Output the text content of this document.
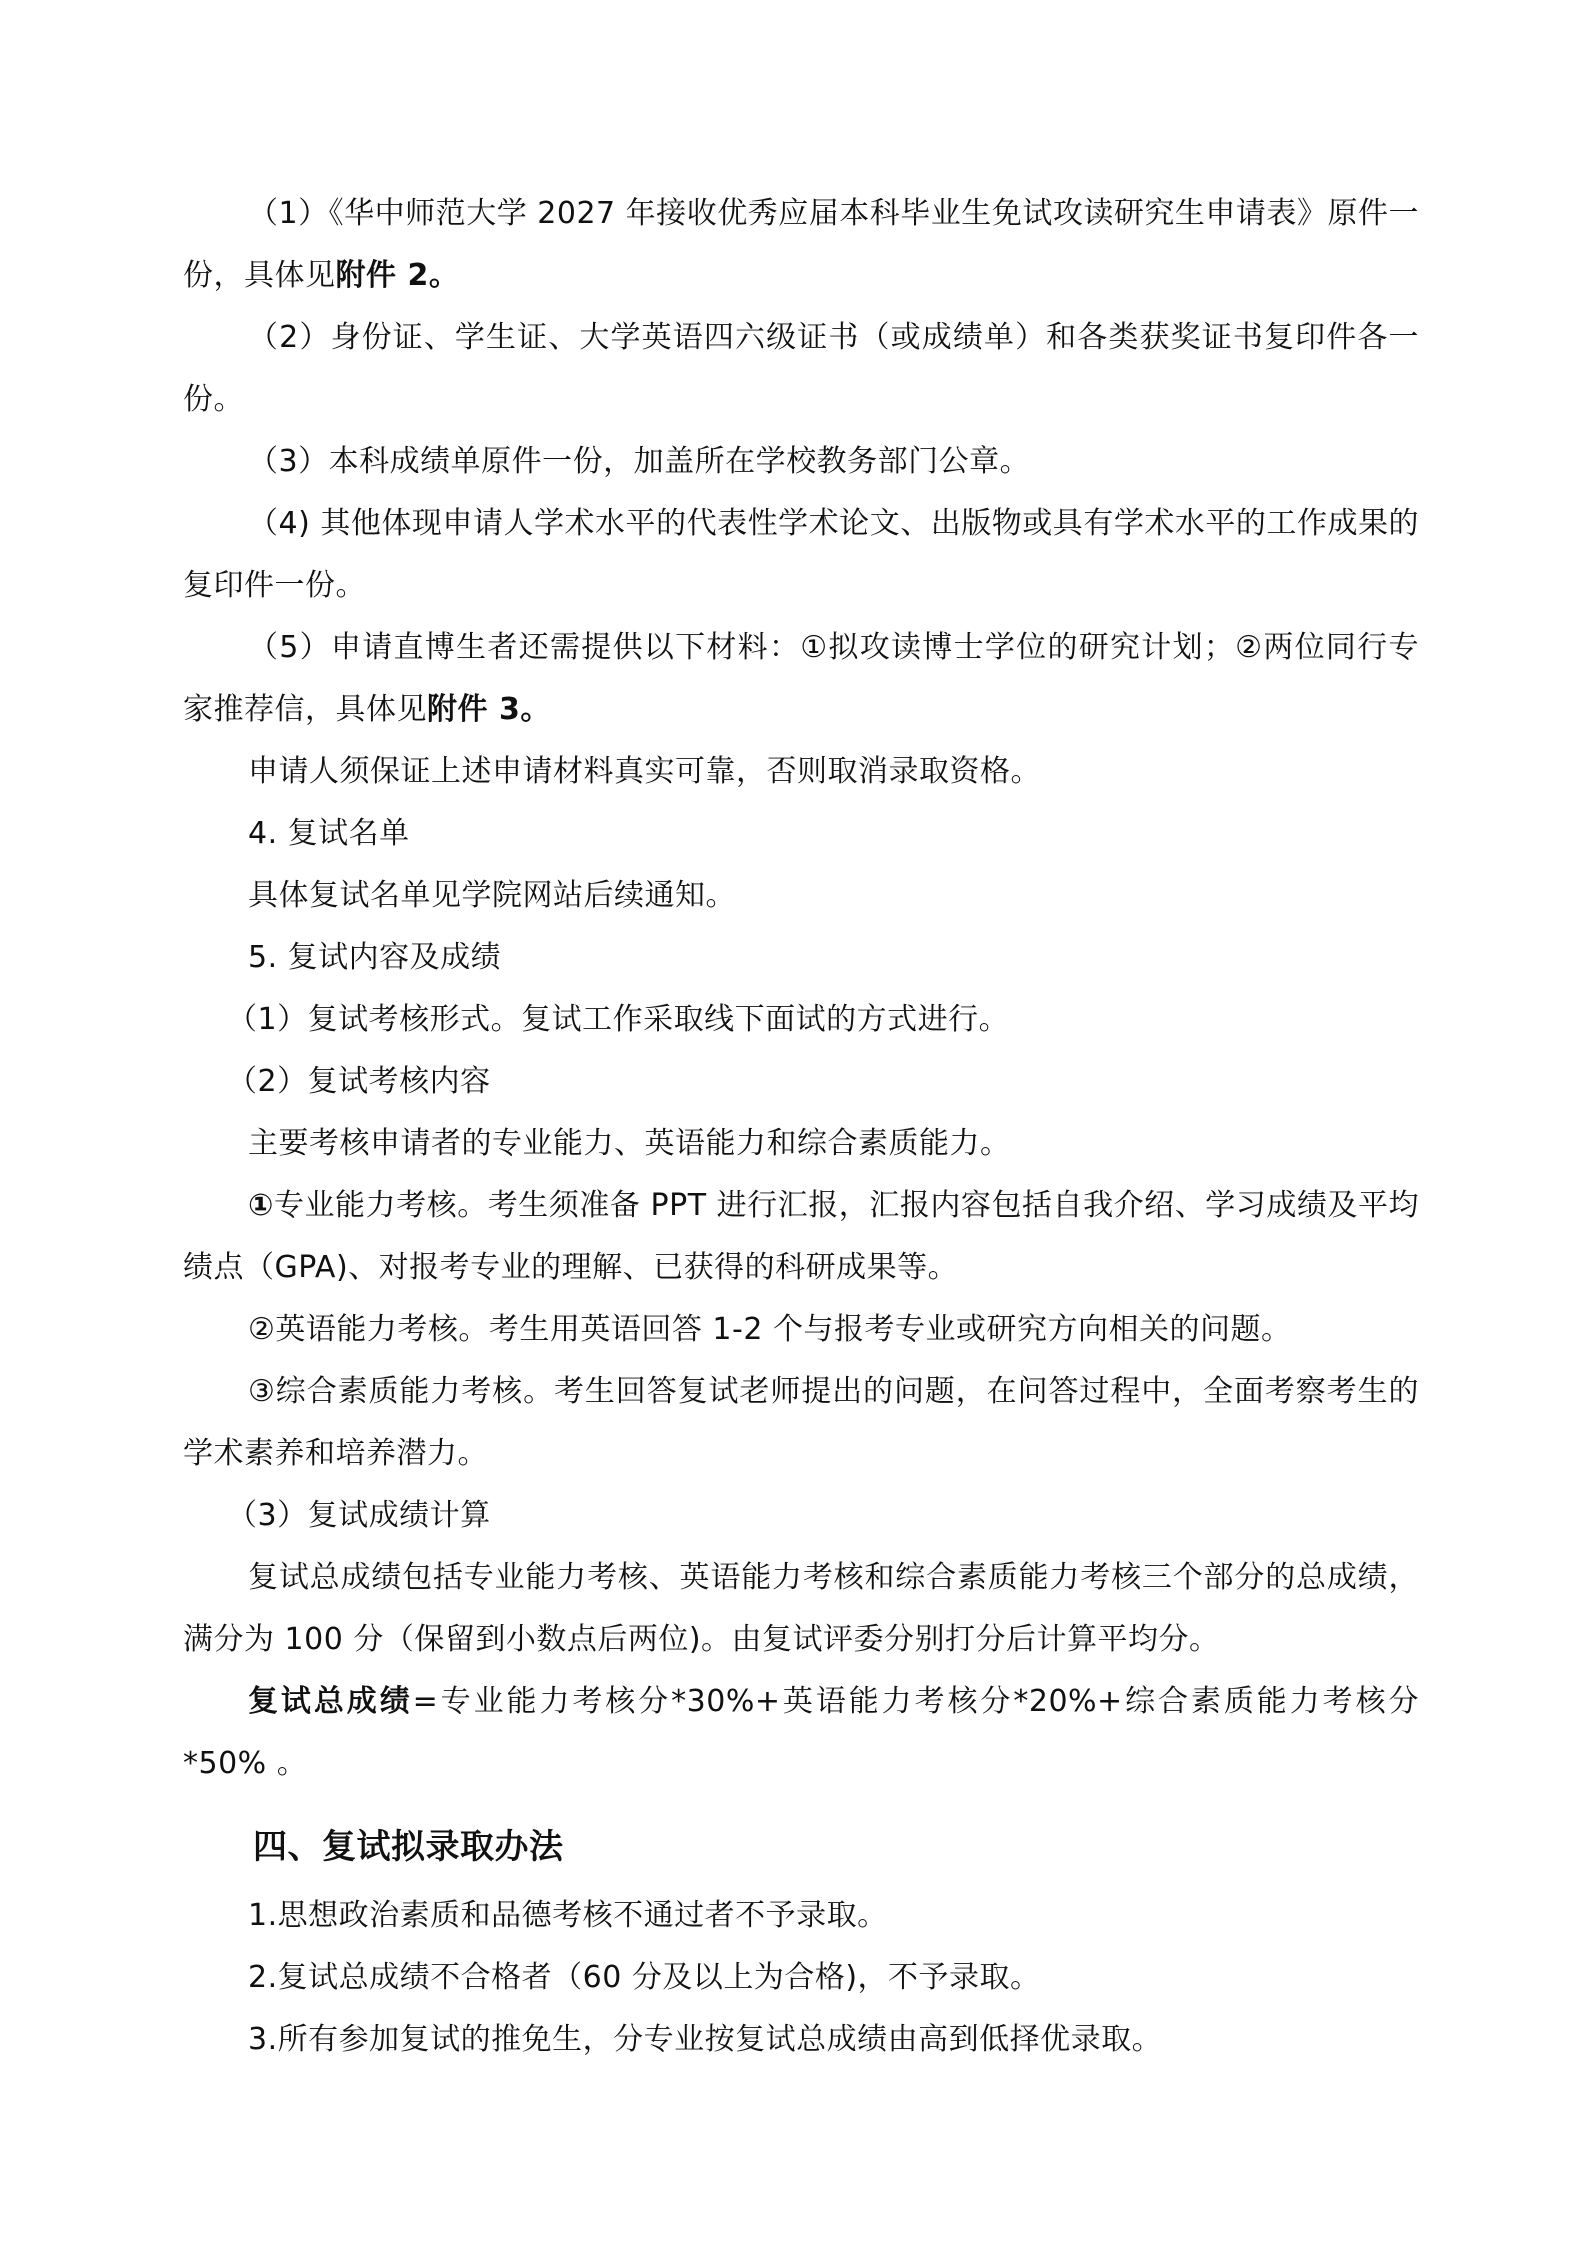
（1）《华中师范大学 2027 年接收优秀应届本科毕业生免试攻读研究生申请表》原件一份，具体见附件 2。

（2）身份证、学生证、大学英语四六级证书（或成绩单）和各类获奖证书复印件各一份。

（3）本科成绩单原件一份，加盖所在学校教务部门公章。

（4) 其他体现申请人学术水平的代表性学术论文、出版物或具有学术水平的工作成果的复印件一份。

（5）申请直博生者还需提供以下材料：①拟攻读博士学位的研究计划；②两位同行专家推荐信，具体见附件 3。

申请人须保证上述申请材料真实可靠，否则取消录取资格。

4. 复试名单

具体复试名单见学院网站后续通知。

5. 复试内容及成绩

（1）复试考核形式。复试工作采取线下面试的方式进行。

（2）复试考核内容

主要考核申请者的专业能力、英语能力和综合素质能力。

①专业能力考核。考生须准备 PPT 进行汇报，汇报内容包括自我介绍、学习成绩及平均绩点（GPA)、对报考专业的理解、已获得的科研成果等。

②英语能力考核。考生用英语回答 1-2 个与报考专业或研究方向相关的问题。

③综合素质能力考核。考生回答复试老师提出的问题，在问答过程中，全面考察考生的学术素养和培养潜力。

（3）复试成绩计算

复试总成绩包括专业能力考核、英语能力考核和综合素质能力考核三个部分的总成绩，满分为 100 分（保留到小数点后两位)。由复试评委分别打分后计算平均分。

复试总成绩=专业能力考核分*30%+英语能力考核分*20%+综合素质能力考核分*50% 。

四、复试拟录取办法

1.思想政治素质和品德考核不通过者不予录取。

2.复试总成绩不合格者（60 分及以上为合格)，不予录取。

3.所有参加复试的推免生，分专业按复试总成绩由高到低择优录取。
